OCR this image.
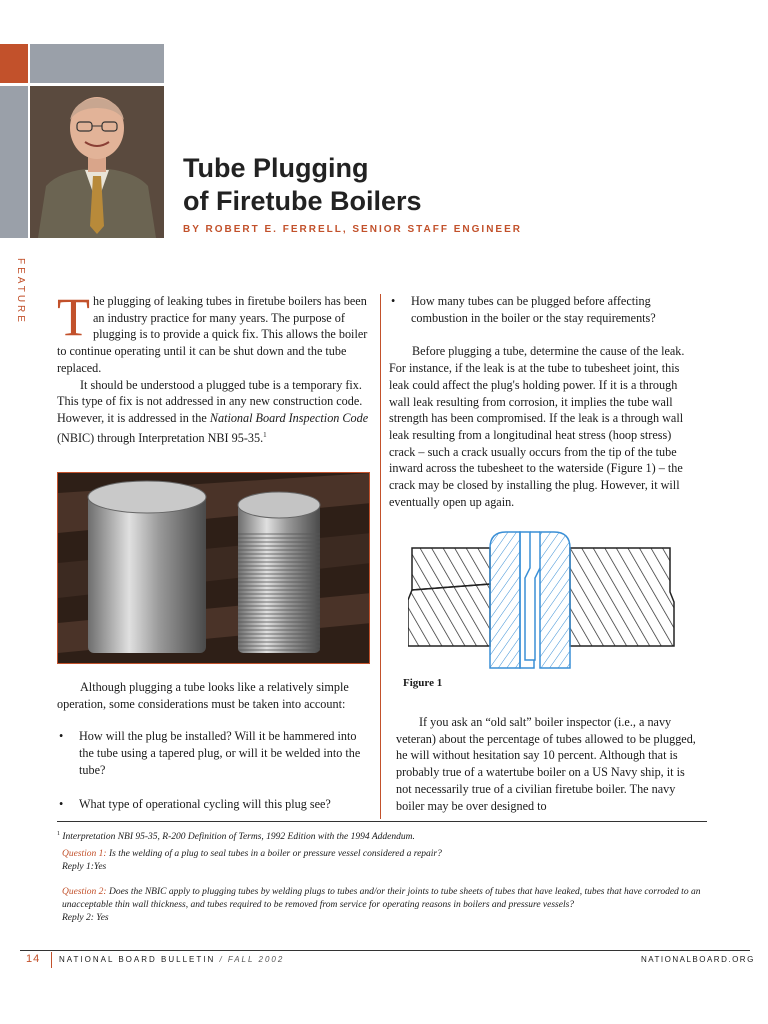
FEATURE
Tube Plugging
of Firetube Boilers
BY ROBERT E. FERRELL, SENIOR STAFF ENGINEER

T he plugging of leaking tubes in firetube boilers has been an industry practice for many years. The purpose of plugging is to provide a quick fix. This allows the boiler to continue operating until it can be shut down and the tube replaced.

It should be understood a plugged tube is a temporary fix. This type of fix is not addressed in any new construction code. However, it is addressed in the National Board Inspection Code (NBIC) through Interpretation NBI 95-35.$^1$

Although plugging a tube looks like a relatively simple operation, some considerations must be taken into account:

• How will the plug be installed? Will it be hammered into the tube using a tapered plug, or will it be welded into the tube?
• What type of operational cycling will this plug see?
• How many tubes can be plugged before affecting combustion in the boiler or the stay requirements?

Before plugging a tube, determine the cause of the leak. For instance, if the leak is at the tube to tubesheet joint, this leak could affect the plug's holding power. If it is a through wall leak resulting from corrosion, it implies the tube wall strength has been compromised. If the leak is a through wall leak resulting from a longitudinal heat stress (hoop stress) crack – such a crack usually occurs from the tip of the tube inward across the tubesheet to the waterside (Figure 1) – the crack may be closed by installing the plug. However, it will eventually open up again.

Figure 1

If you ask an “old salt” boiler inspector (i.e., a navy veteran) about the percentage of tubes allowed to be plugged, he will without hesitation say 10 percent. Although that is probably true of a watertube boiler on a US Navy ship, it is not necessarily true of a civilian firetube boiler. The navy boiler may be over designed to

$^1$ Interpretation NBI 95-35, R-200 Definition of Terms, 1992 Edition with the 1994 Addendum.
Question 1: Is the welding of a plug to seal tubes in a boiler or pressure vessel considered a repair?
Reply 1:Yes
Question 2: Does the NBIC apply to plugging tubes by welding plugs to tubes and/or their joints to tube sheets of tubes that have leaked, tubes that have corroded to an unacceptable thin wall thickness, and tubes required to be removed from service for operating reasons in boilers and pressure vessels?
Reply 2: Yes
14 NATIONAL BOARD BULLETIN / FALL 2002	NATIONALBOARD.ORG
